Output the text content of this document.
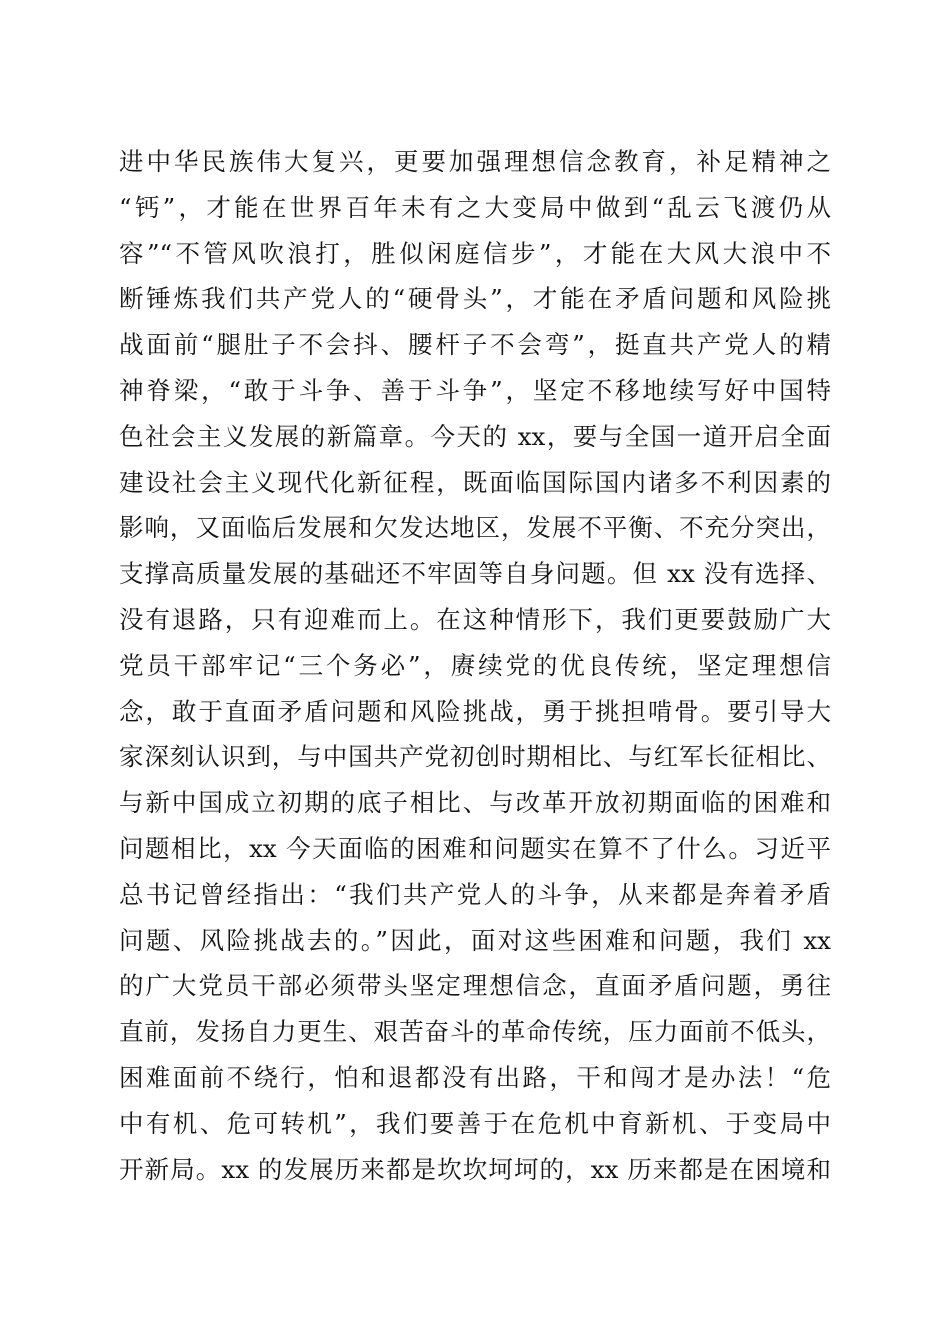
进中华民族伟大复兴，更要加强理想信念教育，补足精神之
“钙”，才能在世界百年未有之大变局中做到“乱云飞渡仍从
容”“不管风吹浪打，胜似闲庭信步”，才能在大风大浪中不
断锤炼我们共产党人的“硬骨头”，才能在矛盾问题和风险挑
战面前“腿肚子不会抖、腰杆子不会弯”，挺直共产党人的精
神脊梁，“敢于斗争、善于斗争”，坚定不移地续写好中国特
色社会主义发展的新篇章。今天的 xx，要与全国一道开启全面
建设社会主义现代化新征程，既面临国际国内诸多不利因素的
影响，又面临后发展和欠发达地区，发展不平衡、不充分突出，
支撑高质量发展的基础还不牢固等自身问题。但 xx 没有选择、
没有退路，只有迎难而上。在这种情形下，我们更要鼓励广大
党员干部牢记“三个务必”，赓续党的优良传统，坚定理想信
念，敢于直面矛盾问题和风险挑战，勇于挑担啃骨。要引导大
家深刻认识到，与中国共产党初创时期相比、与红军长征相比、
与新中国成立初期的底子相比、与改革开放初期面临的困难和
问题相比，xx 今天面临的困难和问题实在算不了什么。习近平
总书记曾经指出：“我们共产党人的斗争，从来都是奔着矛盾
问题、风险挑战去的。”因此，面对这些困难和问题，我们 xx
的广大党员干部必须带头坚定理想信念，直面矛盾问题，勇往
直前，发扬自力更生、艰苦奋斗的革命传统，压力面前不低头，
困难面前不绕行，怕和退都没有出路，干和闯才是办法！“危
中有机、危可转机”，我们要善于在危机中育新机、于变局中
开新局。xx 的发展历来都是坎坎坷坷的，xx 历来都是在困境和
